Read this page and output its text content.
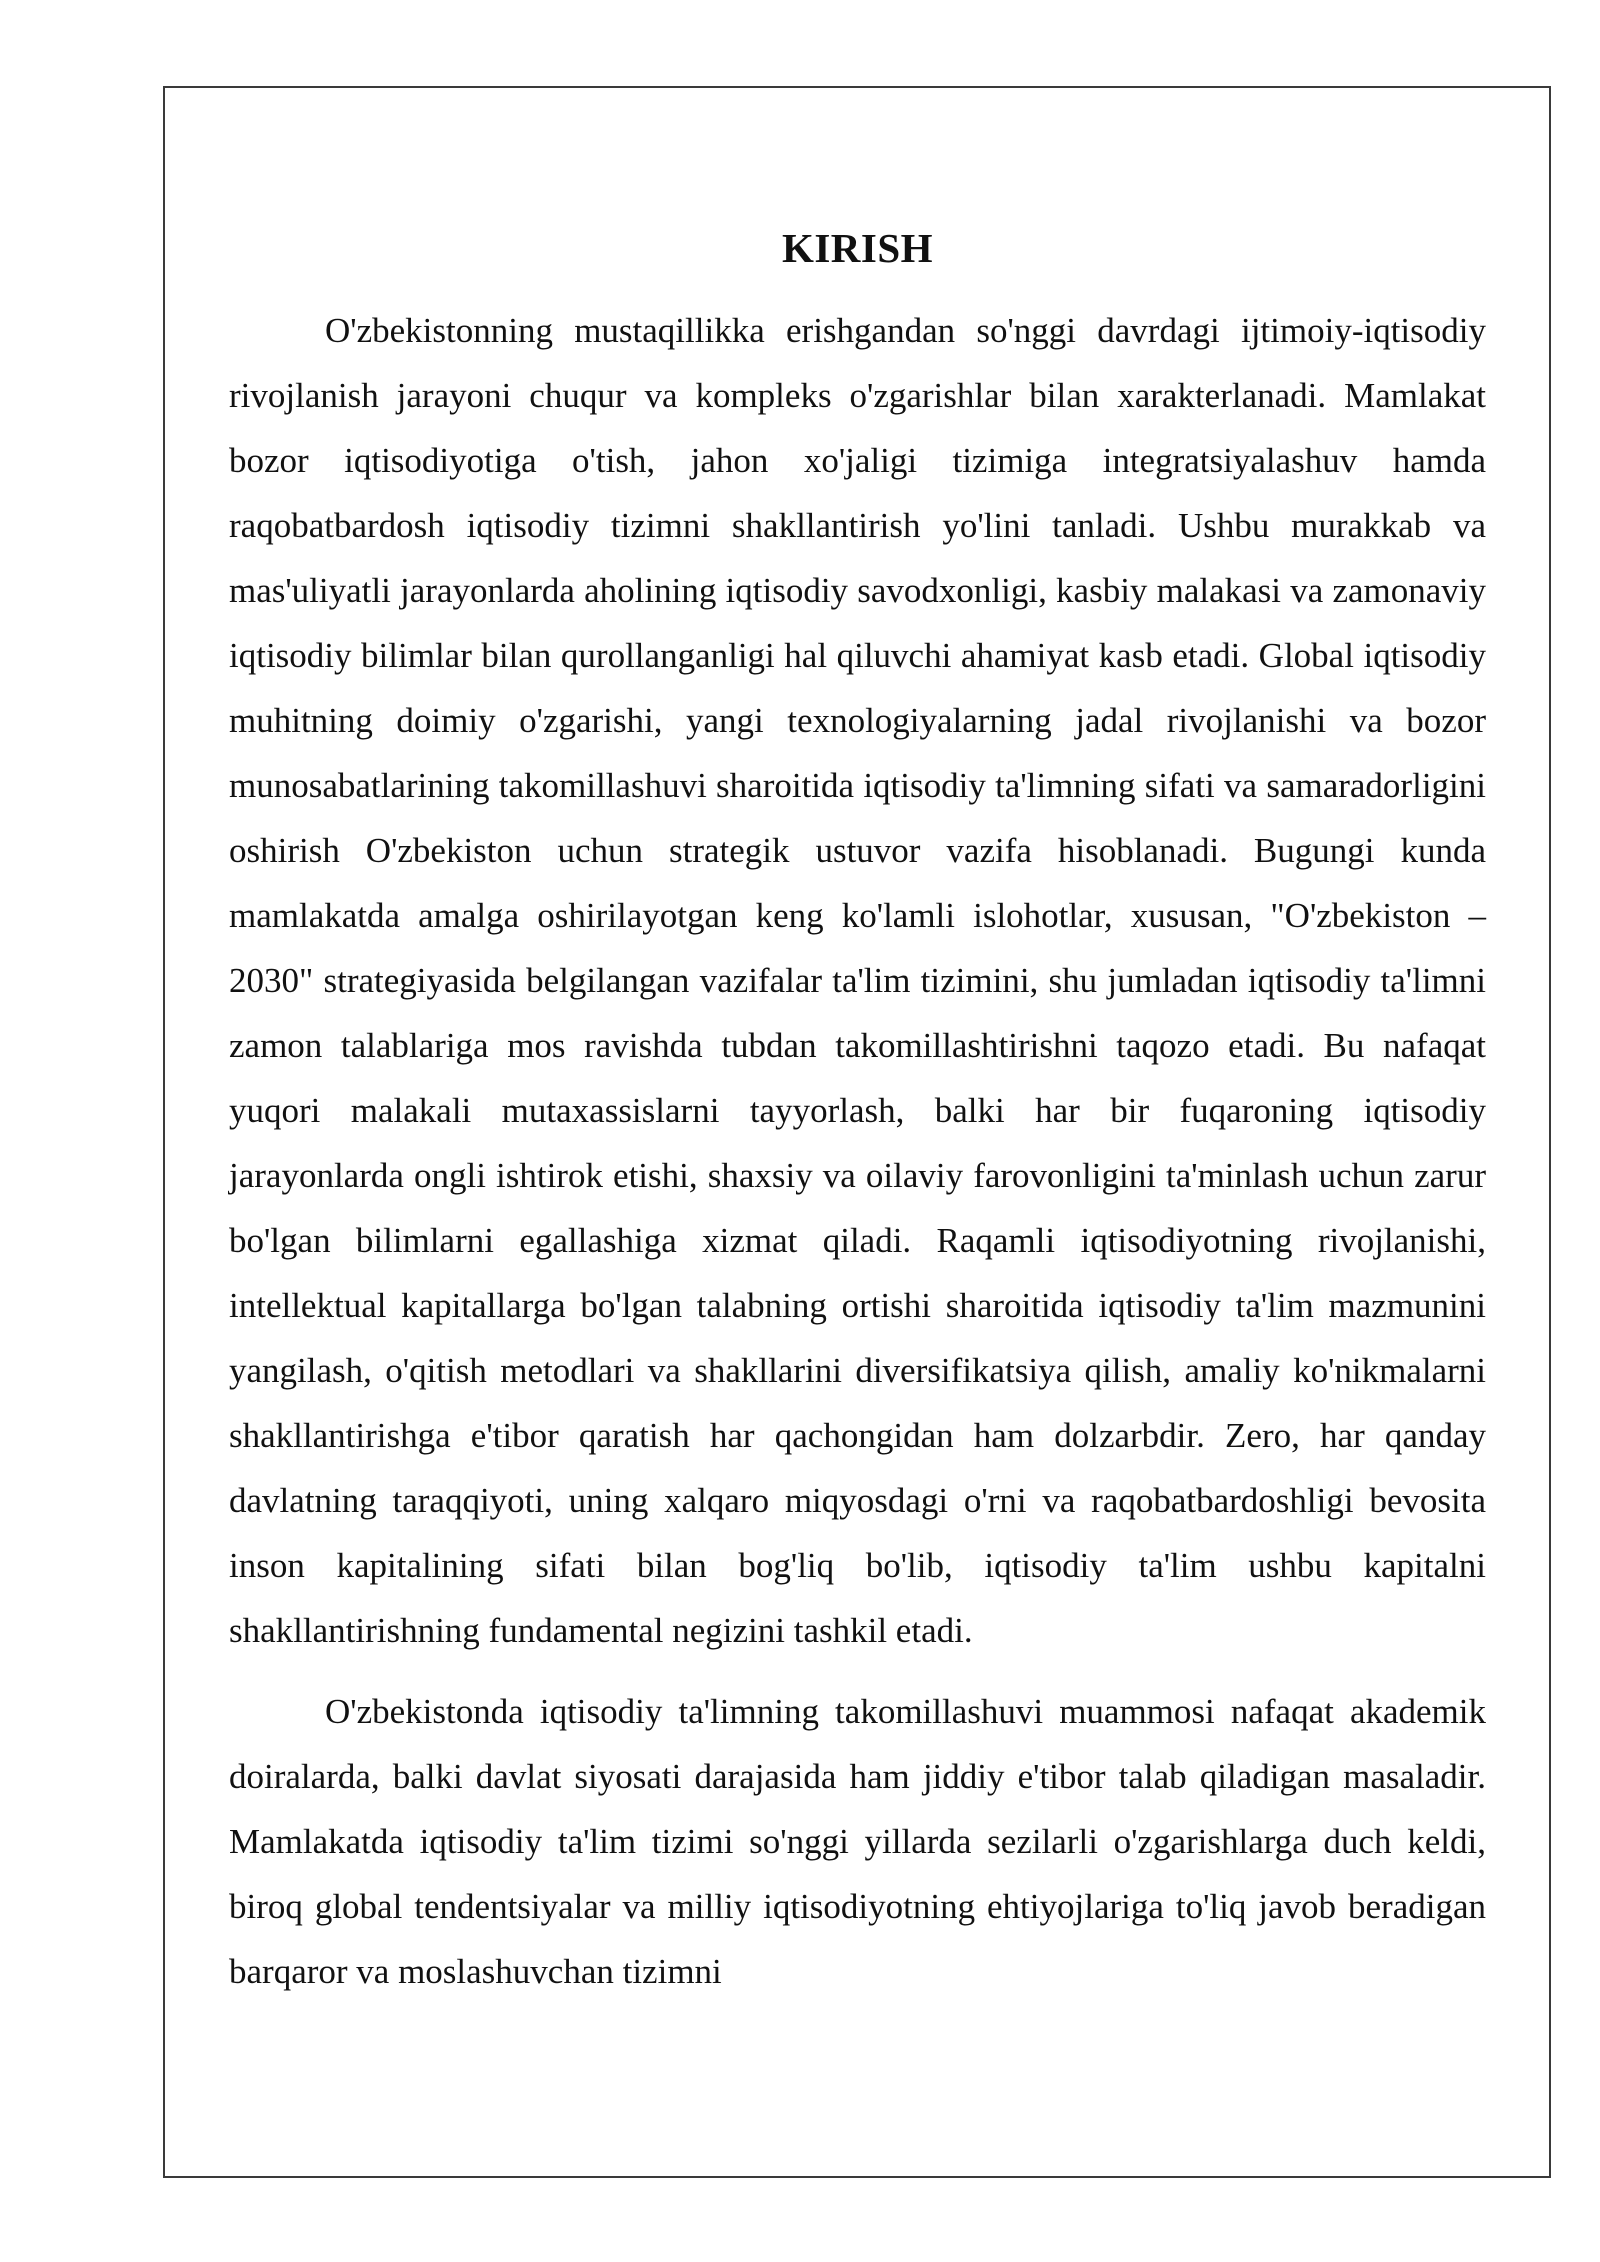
KIRISH

O'zbekistonning mustaqillikka erishgandan so'nggi davrdagi ijtimoiy-iqtisodiy rivojlanish jarayoni chuqur va kompleks o'zgarishlar bilan xarakterlanadi. Mamlakat bozor iqtisodiyotiga o'tish, jahon xo'jaligi tizimiga integratsiyalashuv hamda raqobatbardosh iqtisodiy tizimni shakllantirish yo'lini tanladi. Ushbu murakkab va mas'uliyatli jarayonlarda aholining iqtisodiy savodxonligi, kasbiy malakasi va zamonaviy iqtisodiy bilimlar bilan qurollanganligi hal qiluvchi ahamiyat kasb etadi. Global iqtisodiy muhitning doimiy o'zgarishi, yangi texnologiyalarning jadal rivojlanishi va bozor munosabatlarining takomillashuvi sharoitida iqtisodiy ta'limning sifati va samaradorligini oshirish O'zbekiston uchun strategik ustuvor vazifa hisoblanadi. Bugungi kunda mamlakatda amalga oshirilayotgan keng ko'lamli islohotlar, xususan, "O'zbekiston – 2030" strategiyasida belgilangan vazifalar ta'lim tizimini, shu jumladan iqtisodiy ta'limni zamon talablariga mos ravishda tubdan takomillashtirishni taqozo etadi. Bu nafaqat yuqori malakali mutaxassislarni tayyorlash, balki har bir fuqaroning iqtisodiy jarayonlarda ongli ishtirok etishi, shaxsiy va oilaviy farovonligini ta'minlash uchun zarur bo'lgan bilimlarni egallashiga xizmat qiladi. Raqamli iqtisodiyotning rivojlanishi, intellektual kapitallarga bo'lgan talabning ortishi sharoitida iqtisodiy ta'lim mazmunini yangilash, o'qitish metodlari va shakllarini diversifikatsiya qilish, amaliy ko'nikmalarni shakllantirishga e'tibor qaratish har qachongidan ham dolzarbdir. Zero, har qanday davlatning taraqqiyoti, uning xalqaro miqyosdagi o'rni va raqobatbardoshligi bevosita inson kapitalining sifati bilan bog'liq bo'lib, iqtisodiy ta'lim ushbu kapitalni shakllantirishning fundamental negizini tashkil etadi.

O'zbekistonda iqtisodiy ta'limning takomillashuvi muammosi nafaqat akademik doiralarda, balki davlat siyosati darajasida ham jiddiy e'tibor talab qiladigan masaladir. Mamlakatda iqtisodiy ta'lim tizimi so'nggi yillarda sezilarli o'zgarishlarga duch keldi, biroq global tendentsiyalar va milliy iqtisodiyotning ehtiyojlariga to'liq javob beradigan barqaror va moslashuvchan tizimni
